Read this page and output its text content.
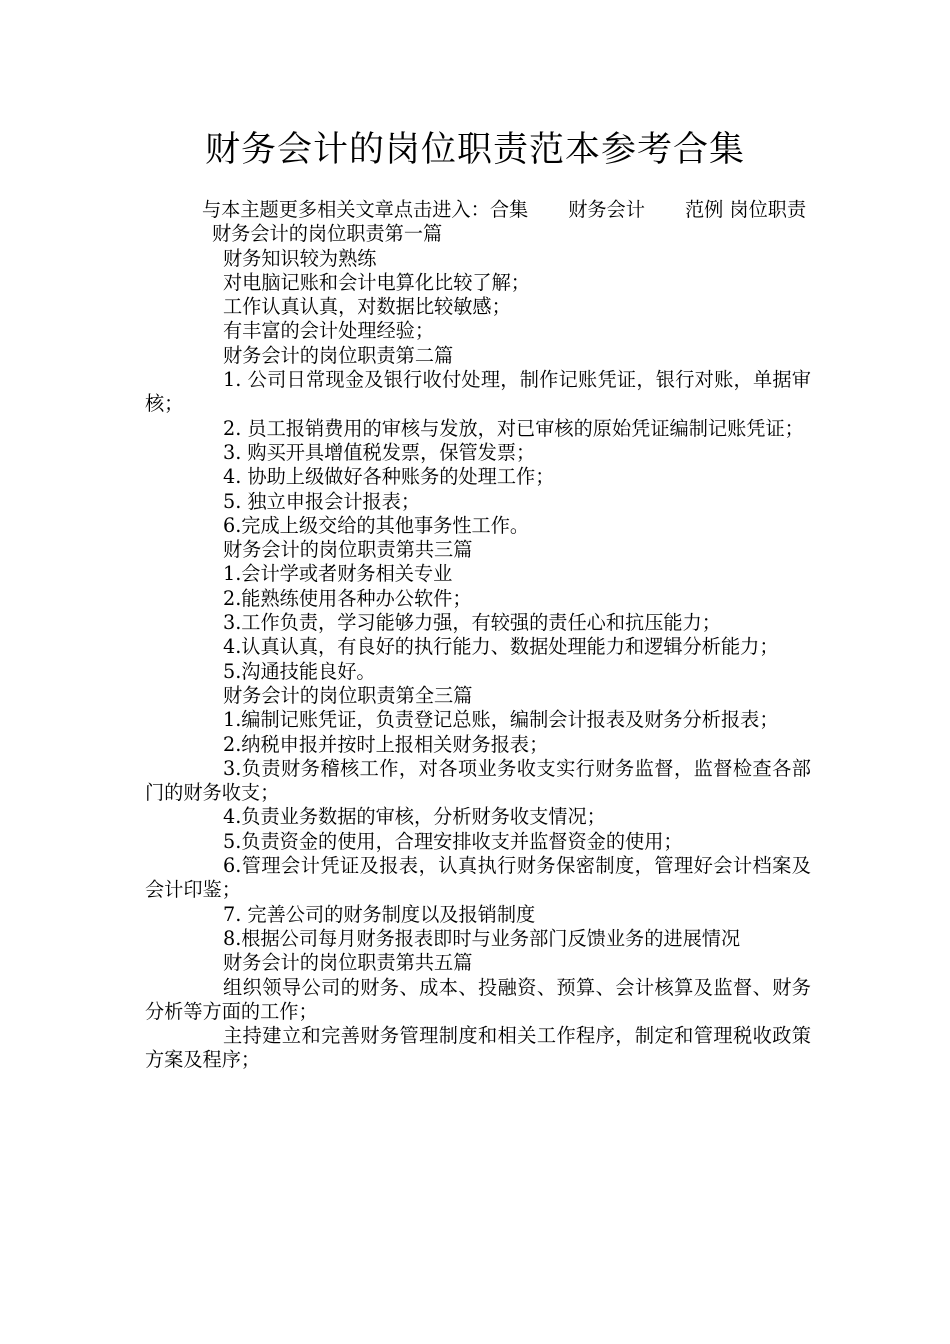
财务会计的岗位职责范本参考合集

与本主题更多相关文章点击进入：合集 财务会计 范例 岗位职责

财务会计的岗位职责第一篇

财务知识较为熟练

对电脑记账和会计电算化比较了解；

工作认真认真，对数据比较敏感；

有丰富的会计处理经验；

财务会计的岗位职责第二篇

1. 公司日常现金及银行收付处理，制作记账凭证，银行对账，单据审核；

2. 员工报销费用的审核与发放，对已审核的原始凭证编制记账凭证；

3. 购买开具增值税发票，保管发票；

4. 协助上级做好各种账务的处理工作；

5. 独立申报会计报表；

6.完成上级交给的其他事务性工作。

财务会计的岗位职责第共三篇

1.会计学或者财务相关专业

2.能熟练使用各种办公软件；

3.工作负责，学习能够力强，有较强的责任心和抗压能力；

4.认真认真，有良好的执行能力、数据处理能力和逻辑分析能力；

5.沟通技能良好。

财务会计的岗位职责第全三篇

1.编制记账凭证，负责登记总账，编制会计报表及财务分析报表；

2.纳税申报并按时上报相关财务报表；

3.负责财务稽核工作，对各项业务收支实行财务监督，监督检查各部门的财务收支；

4.负责业务数据的审核，分析财务收支情况；

5.负责资金的使用，合理安排收支并监督资金的使用；

6.管理会计凭证及报表，认真执行财务保密制度，管理好会计档案及会计印鉴；

7. 完善公司的财务制度以及报销制度

8.根据公司每月财务报表即时与业务部门反馈业务的进展情况

财务会计的岗位职责第共五篇

组织领导公司的财务、成本、投融资、预算、会计核算及监督、财务分析等方面的工作；

主持建立和完善财务管理制度和相关工作程序，制定和管理税收政策方案及程序；
